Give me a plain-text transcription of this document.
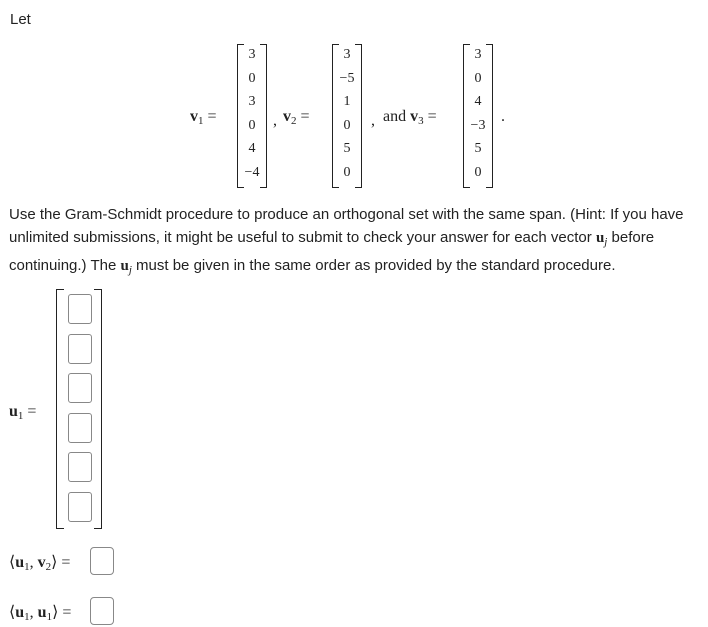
Let
$v_1$ =
3
0
3
0
4
−4
, $v_2$ =
3
−5
1
0
5
0
, and $v_3$ =
3
0
4
−3
5
0
.
Use the Gram-Schmidt procedure to produce an orthogonal set with the same span. (Hint: If you have unlimited submissions, it might be useful to submit to check your answer for each vector $u_j$ before continuing.) The $u_j$ must be given in the same order as provided by the standard procedure.
$u_1$ =
$⟨u_1$, $v_2⟩$ =
$⟨u_1$, $u_1⟩$ =
